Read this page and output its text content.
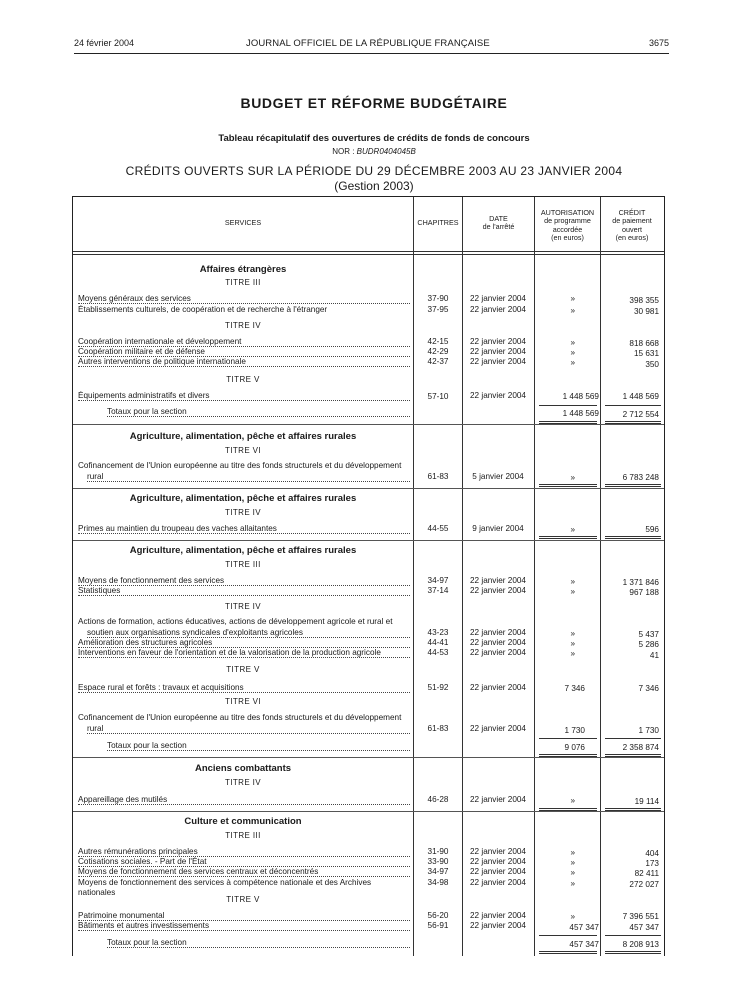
24 février 2004	JOURNAL OFFICIEL DE LA RÉPUBLIQUE FRANÇAISE	3675
BUDGET ET RÉFORME BUDGÉTAIRE
Tableau récapitulatif des ouvertures de crédits de fonds de concours
NOR : BUDR0404045B
CRÉDITS OUVERTS SUR LA PÉRIODE DU 29 DÉCEMBRE 2003 AU 23 JANVIER 2004
(Gestion 2003)
SERVICES	CHAPITRES	DATE
de l'arrêté
AUTORISATION
de programme
accordée
(en euros)
CRÉDIT
de paiement
ouvert
(en euros)
Affaires étrangères
TITRE III
Moyens généraux des services	37-90	22 janvier 2004	»	398 355
Établissements culturels, de coopération et de recherche à l'étranger	37-95	22 janvier 2004	»	30 981
TITRE IV
Coopération internationale et développement	42-15	22 janvier 2004	»	818 668
Coopération militaire et de défense	42-29	22 janvier 2004	»	15 631
Autres interventions de politique internationale	42-37	22 janvier 2004	»	350
TITRE V
Équipements administratifs et divers	57-10	22 janvier 2004	1 448 569	1 448 569
Totaux pour la section	1 448 569	2 712 554
Agriculture, alimentation, pêche et affaires rurales
TITRE VI
Cofinancement de l'Union européenne au titre des fonds structurels et du développement
rural	61-83	5 janvier 2004	»	6 783 248
Agriculture, alimentation, pêche et affaires rurales
TITRE IV
Primes au maintien du troupeau des vaches allaitantes	44-55	9 janvier 2004	»	596
Agriculture, alimentation, pêche et affaires rurales
TITRE III
Moyens de fonctionnement des services	34-97	22 janvier 2004	»	1 371 846
Statistiques	37-14	22 janvier 2004	»	967 188
TITRE IV
Actions de formation, actions éducatives, actions de développement agricole et rural et
soutien aux organisations syndicales d'exploitants agricoles	43-23	22 janvier 2004	»	5 437
Amélioration des structures agricoles	44-41	22 janvier 2004	»	5 286
Interventions en faveur de l'orientation et de la valorisation de la production agricole	44-53	22 janvier 2004	»	41
TITRE V
Espace rural et forêts : travaux et acquisitions	51-92	22 janvier 2004	7 346	7 346
TITRE VI
Cofinancement de l'Union européenne au titre des fonds structurels et du développement
rural	61-83	22 janvier 2004	1 730	1 730
Totaux pour la section	9 076	2 358 874
Anciens combattants
TITRE IV
Appareillage des mutilés	46-28	22 janvier 2004	»	19 114
Culture et communication
TITRE III
Autres rémunérations principales	31-90	22 janvier 2004	»	404
Cotisations sociales. - Part de l'État	33-90	22 janvier 2004	»	173
Moyens de fonctionnement des services centraux et déconcentrés	34-97	22 janvier 2004	»	82 411
Moyens de fonctionnement des services à compétence nationale et des Archives nationales
34-98	22 janvier 2004	»	272 027
TITRE V
Patrimoine monumental	56-20	22 janvier 2004	»	7 396 551
Bâtiments et autres investissements	56-91	22 janvier 2004	457 347	457 347
Totaux pour la section	457 347	8 208 913
